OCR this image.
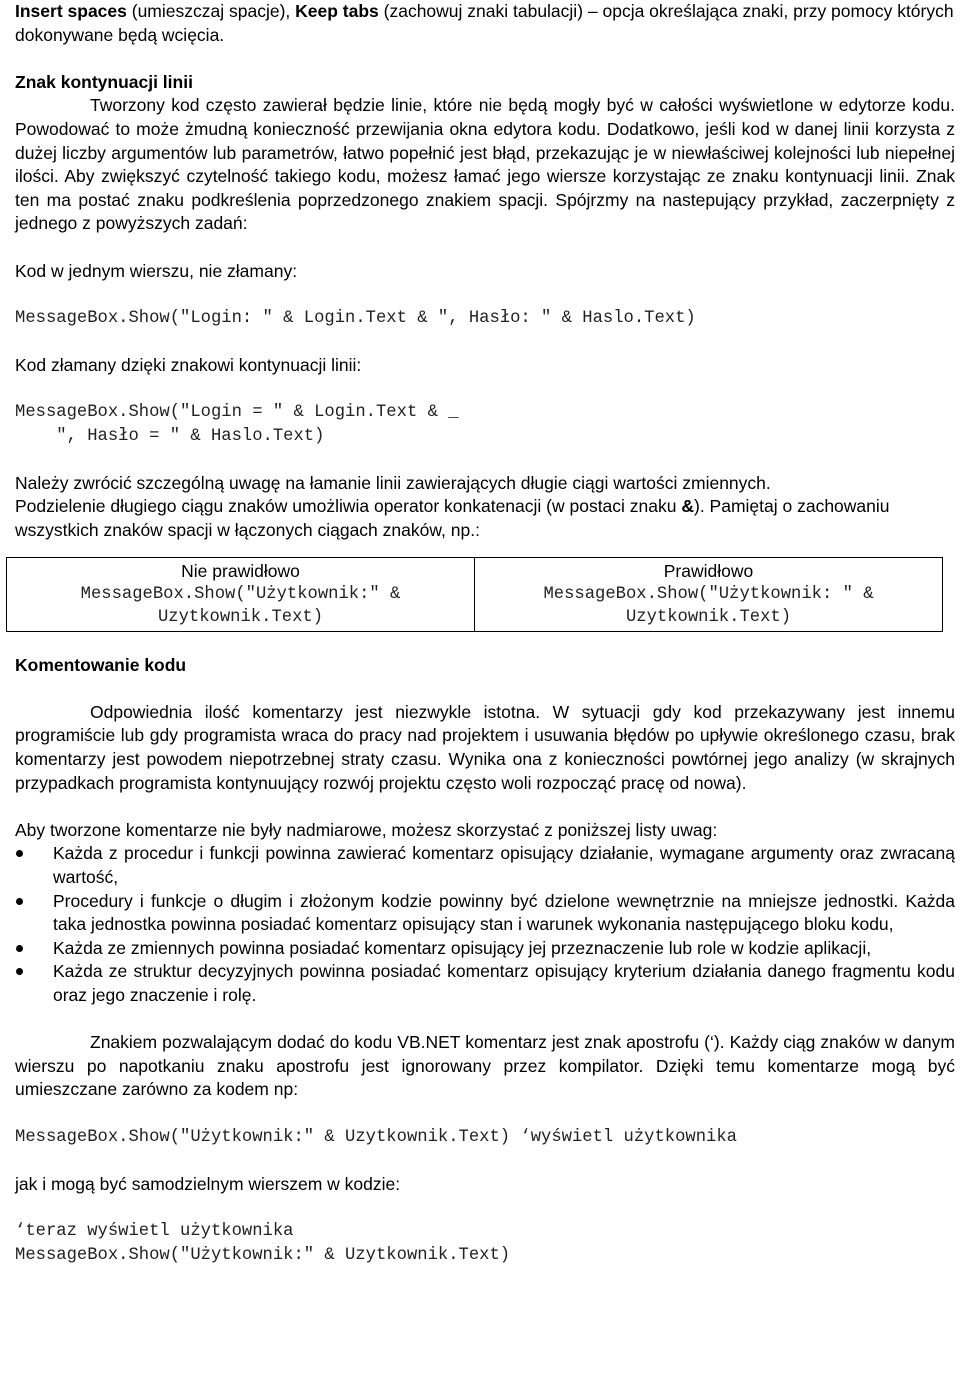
Insert spaces (umieszczaj spacje), Keep tabs (zachowuj znaki tabulacji) – opcja określająca znaki, przy pomocy których dokonywane będą wcięcia.

Znak kontynuacji linii

Tworzony kod często zawierał będzie linie, które nie będą mogły być w całości wyświetlone w edytorze kodu. Powodować to może żmudną konieczność przewijania okna edytora kodu. Dodatkowo, jeśli kod w danej linii korzysta z dużej liczby argumentów lub parametrów, łatwo popełnić jest błąd, przekazując je w niewłaściwej kolejności lub niepełnej ilości. Aby zwiększyć czytelność takiego kodu, możesz łamać jego wiersze korzystając ze znaku kontynuacji linii. Znak ten ma postać znaku podkreślenia poprzedzonego znakiem spacji. Spójrzmy na nastepujący przykład, zaczerpnięty z jednego z powyższych zadań:

Kod w jednym wierszu, nie złamany:

MessageBox.Show("Login: " & Login.Text & ", Hasło: " & Haslo.Text)

Kod złamany dzięki znakowi kontynuacji linii:

MessageBox.Show("Login = " & Login.Text & _

", Hasło = " & Haslo.Text)

Należy zwrócić szczególną uwagę na łamanie linii zawierających długie ciągi wartości zmiennych.

Podzielenie długiego ciągu znaków umożliwia operator konkatenacji (w postaci znaku &). Pamiętaj o zachowaniu wszystkich znaków spacji w łączonych ciągach znaków, np.:

Nie prawidłowo
MessageBox.Show("Użytkownik:" &
Uzytkownik.Text)

Prawidłowo
MessageBox.Show("Użytkownik: " &
Uzytkownik.Text)

Komentowanie kodu

Odpowiednia ilość komentarzy jest niezwykle istotna. W sytuacji gdy kod przekazywany jest innemu programiście lub gdy programista wraca do pracy nad projektem i usuwania błędów po upływie określonego czasu, brak komentarzy jest powodem niepotrzebnej straty czasu. Wynika ona z konieczności powtórnej jego analizy (w skrajnych przypadkach programista kontynuujący rozwój projektu często woli rozpocząć pracę od nowa).

Aby tworzone komentarze nie były nadmiarowe, możesz skorzystać z poniższej listy uwag:

Każda z procedur i funkcji powinna zawierać komentarz opisujący działanie, wymagane argumenty oraz zwracaną wartość,
Procedury i funkcje o długim i złożonym kodzie powinny być dzielone wewnętrznie na mniejsze jednostki. Każda taka jednostka powinna posiadać komentarz opisujący stan i warunek wykonania następującego bloku kodu,
Każda ze zmiennych powinna posiadać komentarz opisujący jej przeznaczenie lub role w kodzie aplikacji,
Każda ze struktur decyzyjnych powinna posiadać komentarz opisujący kryterium działania danego fragmentu kodu oraz jego znaczenie i rolę.

Znakiem pozwalającym dodać do kodu VB.NET komentarz jest znak apostrofu (‘). Każdy ciąg znaków w danym wierszu po napotkaniu znaku apostrofu jest ignorowany przez kompilator. Dzięki temu komentarze mogą być umieszczane zarówno za kodem np:

MessageBox.Show("Użytkownik:" & Uzytkownik.Text) ‘wyświetl użytkownika

jak i mogą być samodzielnym wierszem w kodzie:

‘teraz wyświetl użytkownika

MessageBox.Show("Użytkownik:" & Uzytkownik.Text)
